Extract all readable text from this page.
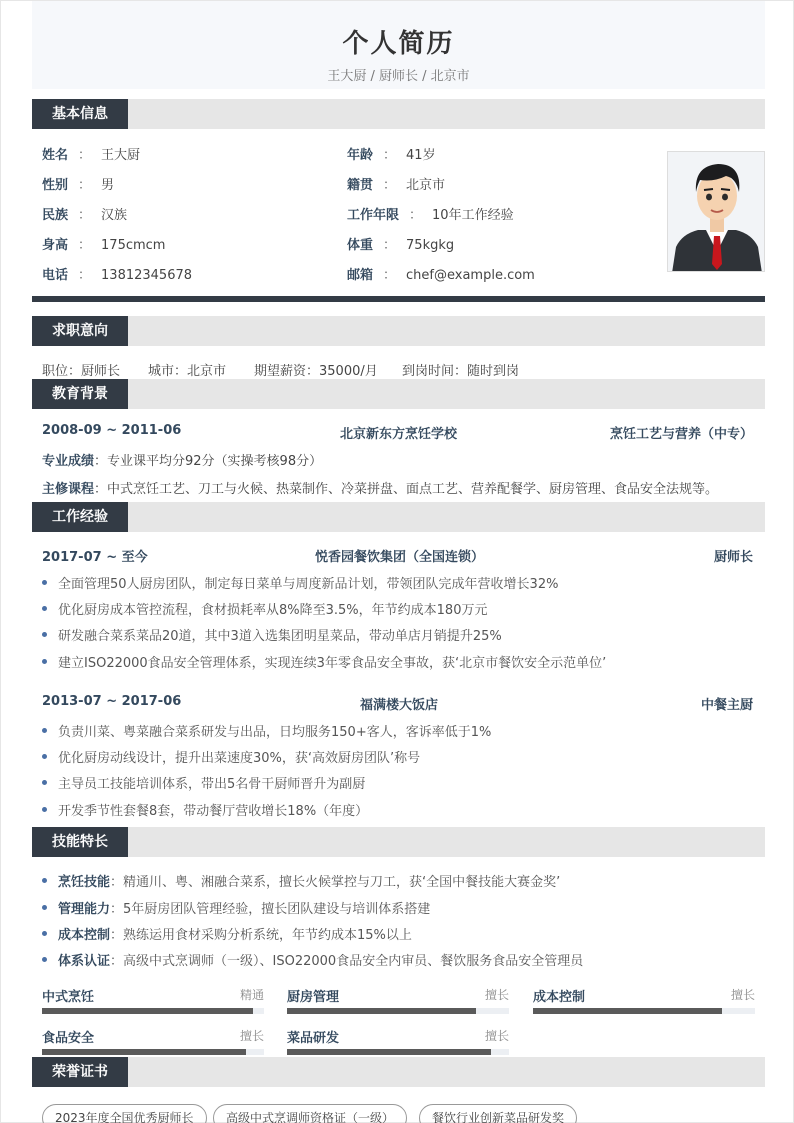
个人简历
王大厨 / 厨师长 / 北京市
基本信息
姓名 ： 王大厨
性别 ： 男
民族 ： 汉族
身高 ： 175cmcm
电话 ： 13812345678
年龄 ： 41岁
籍贯 ： 北京市
工作年限 ： 10年工作经验
体重 ： 75kgkg
邮箱 ： chef@example.com
求职意向
职位：厨师长 城市：北京市 期望薪资：35000/月 到岗时间：随时到岗
教育背景
2008-09 ~ 2011-06	北京新东方烹饪学校	烹饪工艺与营养（中专）
专业成绩：专业课平均分92分（实操考核98分）
主修课程：中式烹饪工艺、刀工与火候、热菜制作、冷菜拼盘、面点工艺、营养配餐学、厨房管理、食品安全法规等。
工作经验
2017-07 ~ 至今	悦香园餐饮集团（全国连锁）	厨师长
全面管理50人厨房团队，制定每日菜单与周度新品计划，带领团队完成年营收增长32%
优化厨房成本管控流程，食材损耗率从8%降至3.5%，年节约成本180万元
研发融合菜系菜品20道，其中3道入选集团明星菜品，带动单店月销提升25%
建立ISO22000食品安全管理体系，实现连续3年零食品安全事故，获‘北京市餐饮安全示范单位’
2013-07 ~ 2017-06	福满楼大饭店	中餐主厨
负责川菜、粤菜融合菜系研发与出品，日均服务150+客人，客诉率低于1%
优化厨房动线设计，提升出菜速度30%，获‘高效厨房团队’称号
主导员工技能培训体系，带出5名骨干厨师晋升为副厨
开发季节性套餐8套，带动餐厅营收增长18%（年度）
技能特长
烹饪技能：精通川、粤、湘融合菜系，擅长火候掌控与刀工，获‘全国中餐技能大赛金奖’
管理能力：5年厨房团队管理经验，擅长团队建设与培训体系搭建
成本控制：熟练运用食材采购分析系统，年节约成本15%以上
体系认证：高级中式烹调师（一级）、ISO22000食品安全内审员、餐饮服务食品安全管理员
中式烹饪	精通 厨房管理	擅长 成本控制	擅长
食品安全	擅长 菜品研发	擅长
荣誉证书
2023年度全国优秀厨师长	高级中式烹调师资格证（一级）	餐饮行业创新菜品研发奖
